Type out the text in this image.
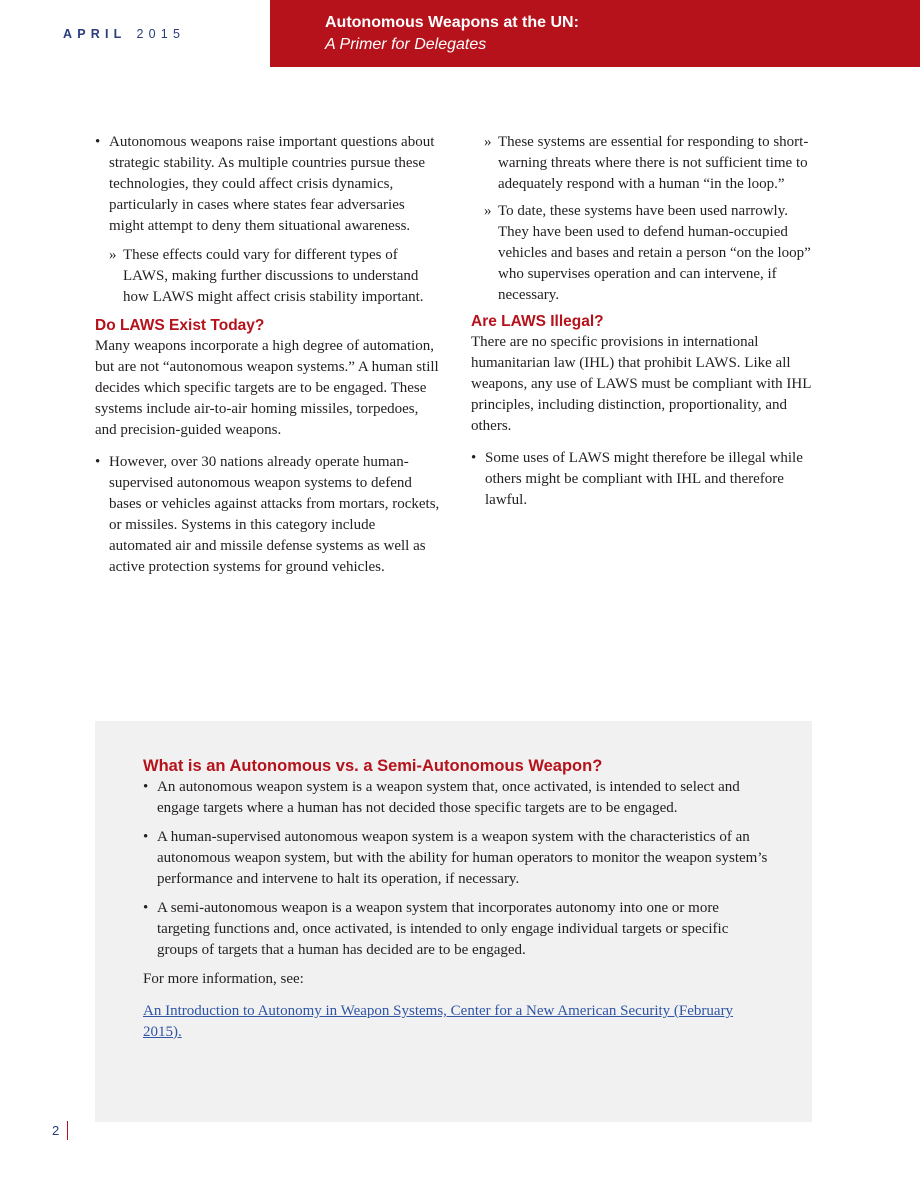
APRIL 2015
Autonomous Weapons at the UN:
A Primer for Delegates
• Autonomous weapons raise important questions about strategic stability. As multiple countries pursue these technologies, they could affect crisis dynamics, particularly in cases where states fear adversaries might attempt to deny them situational awareness.
» These effects could vary for different types of LAWS, making further discussions to understand how LAWS might affect crisis stability important.
Do LAWS Exist Today?

Many weapons incorporate a high degree of automation, but are not “autonomous weapon systems.” A human still decides which specific targets are to be engaged. These systems include air-to-air homing missiles, torpedoes, and precision-guided weapons.

• However, over 30 nations already operate human-supervised autonomous weapon systems to defend bases or vehicles against attacks from mortars, rockets, or missiles. Systems in this category include automated air and missile defense systems as well as active protection systems for ground vehicles.
» These systems are essential for responding to short-warning threats where there is not sufficient time to adequately respond with a human “in the loop.”
» To date, these systems have been used narrowly. They have been used to defend human-occupied vehicles and bases and retain a person “on the loop” who supervises operation and can intervene, if necessary.
Are LAWS Illegal?

There are no specific provisions in international humanitarian law (IHL) that prohibit LAWS. Like all weapons, any use of LAWS must be compliant with IHL principles, including distinction, proportionality, and others.

• Some uses of LAWS might therefore be illegal while others might be compliant with IHL and therefore lawful.
What is an Autonomous vs. a Semi-Autonomous Weapon?
• An autonomous weapon system is a weapon system that, once activated, is intended to select and engage targets where a human has not decided those specific targets are to be engaged.
• A human-supervised autonomous weapon system is a weapon system with the characteristics of an autonomous weapon system, but with the ability for human operators to monitor the weapon system’s performance and intervene to halt its operation, if necessary.
• A semi-autonomous weapon is a weapon system that incorporates autonomy into one or more targeting functions and, once activated, is intended to only engage individual targets or specific groups of targets that a human has decided are to be engaged.

For more information, see:

An Introduction to Autonomy in Weapon Systems, Center for a New American Security (February 2015).
2
